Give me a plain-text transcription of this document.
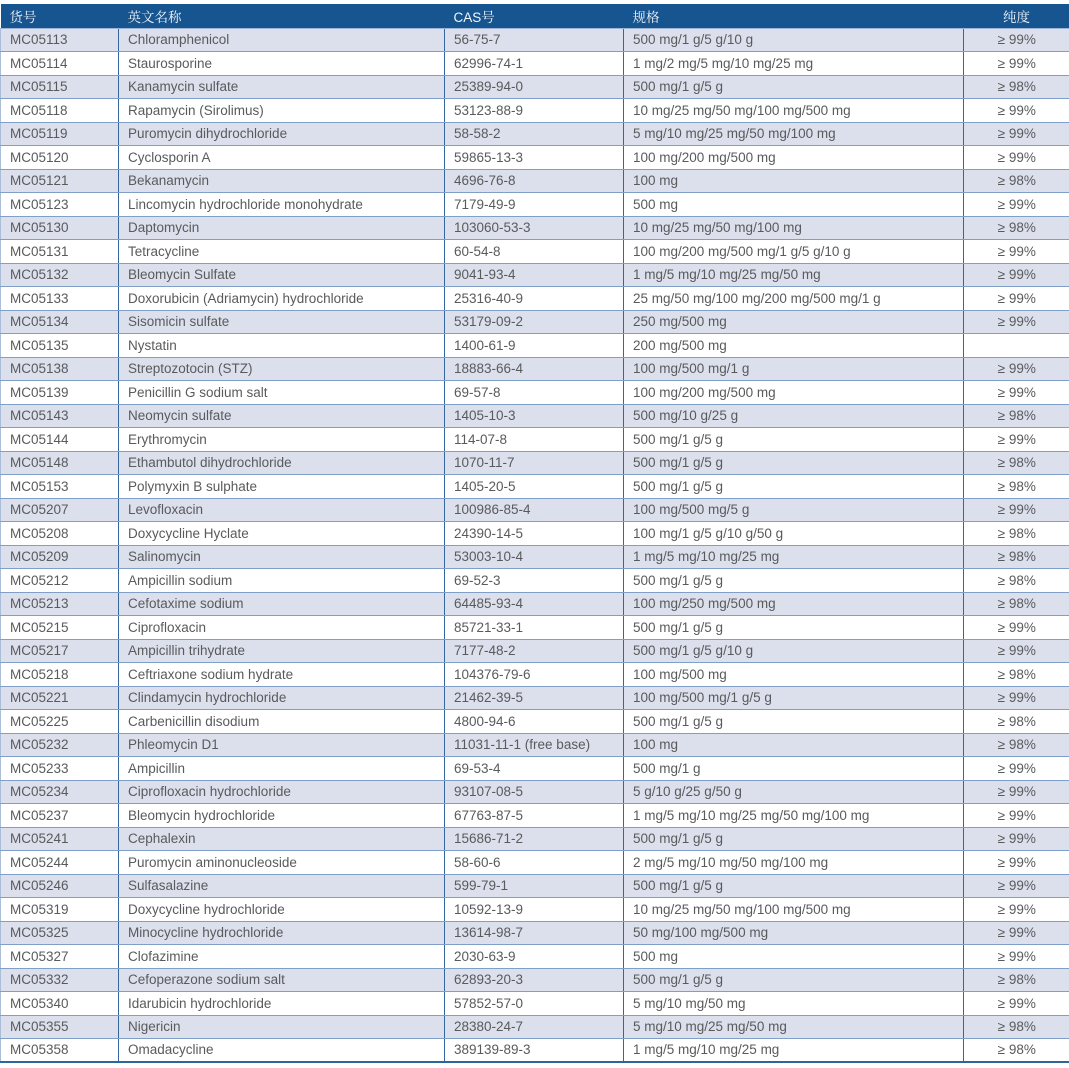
货号	英文名称	CAS号	规格	纯度
MC05113	Chloramphenicol	56-75-7	500 mg/1 g/5 g/10 g	≥ 99%
MC05114	Staurosporine	62996-74-1	1 mg/2 mg/5 mg/10 mg/25 mg	≥ 99%
MC05115	Kanamycin sulfate	25389-94-0	500 mg/1 g/5 g	≥ 98%
MC05118	Rapamycin (Sirolimus)	53123-88-9	10 mg/25 mg/50 mg/100 mg/500 mg	≥ 99%
MC05119	Puromycin dihydrochloride	58-58-2	5 mg/10 mg/25 mg/50 mg/100 mg	≥ 99%
MC05120	Cyclosporin A	59865-13-3	100 mg/200 mg/500 mg	≥ 99%
MC05121	Bekanamycin	4696-76-8	100 mg	≥ 98%
MC05123	Lincomycin hydrochloride monohydrate	7179-49-9	500 mg	≥ 99%
MC05130	Daptomycin	103060-53-3	10 mg/25 mg/50 mg/100 mg	≥ 98%
MC05131	Tetracycline	60-54-8	100 mg/200 mg/500 mg/1 g/5 g/10 g	≥ 99%
MC05132	Bleomycin Sulfate	9041-93-4	1 mg/5 mg/10 mg/25 mg/50 mg	≥ 99%
MC05133	Doxorubicin (Adriamycin) hydrochloride	25316-40-9	25 mg/50 mg/100 mg/200 mg/500 mg/1 g	≥ 99%
MC05134	Sisomicin sulfate	53179-09-2	250 mg/500 mg	≥ 99%
MC05135	Nystatin	1400-61-9	200 mg/500 mg	
MC05138	Streptozotocin (STZ)	18883-66-4	100 mg/500 mg/1 g	≥ 99%
MC05139	Penicillin G sodium salt	69-57-8	100 mg/200 mg/500 mg	≥ 99%
MC05143	Neomycin sulfate	1405-10-3	500 mg/10 g/25 g	≥ 98%
MC05144	Erythromycin	114-07-8	500 mg/1 g/5 g	≥ 99%
MC05148	Ethambutol dihydrochloride	1070-11-7	500 mg/1 g/5 g	≥ 98%
MC05153	Polymyxin B sulphate	1405-20-5	500 mg/1 g/5 g	≥ 98%
MC05207	Levofloxacin	100986-85-4	100 mg/500 mg/5 g	≥ 99%
MC05208	Doxycycline Hyclate	24390-14-5	100 mg/1 g/5 g/10 g/50 g	≥ 98%
MC05209	Salinomycin	53003-10-4	1 mg/5 mg/10 mg/25 mg	≥ 98%
MC05212	Ampicillin sodium	69-52-3	500 mg/1 g/5 g	≥ 98%
MC05213	Cefotaxime sodium	64485-93-4	100 mg/250 mg/500 mg	≥ 98%
MC05215	Ciprofloxacin	85721-33-1	500 mg/1 g/5 g	≥ 99%
MC05217	Ampicillin trihydrate	7177-48-2	500 mg/1 g/5 g/10 g	≥ 99%
MC05218	Ceftriaxone sodium hydrate	104376-79-6	100 mg/500 mg	≥ 98%
MC05221	Clindamycin hydrochloride	21462-39-5	100 mg/500 mg/1 g/5 g	≥ 99%
MC05225	Carbenicillin disodium	4800-94-6	500 mg/1 g/5 g	≥ 98%
MC05232	Phleomycin D1	11031-11-1 (free base)	100 mg	≥ 98%
MC05233	Ampicillin	69-53-4	500 mg/1 g	≥ 99%
MC05234	Ciprofloxacin hydrochloride	93107-08-5	5 g/10 g/25 g/50 g	≥ 99%
MC05237	Bleomycin hydrochloride	67763-87-5	1 mg/5 mg/10 mg/25 mg/50 mg/100 mg	≥ 99%
MC05241	Cephalexin	15686-71-2	500 mg/1 g/5 g	≥ 99%
MC05244	Puromycin aminonucleoside	58-60-6	2 mg/5 mg/10 mg/50 mg/100 mg	≥ 99%
MC05246	Sulfasalazine	599-79-1	500 mg/1 g/5 g	≥ 99%
MC05319	Doxycycline hydrochloride	10592-13-9	10 mg/25 mg/50 mg/100 mg/500 mg	≥ 99%
MC05325	Minocycline hydrochloride	13614-98-7	50 mg/100 mg/500 mg	≥ 99%
MC05327	Clofazimine	2030-63-9	500 mg	≥ 99%
MC05332	Cefoperazone sodium salt	62893-20-3	500 mg/1 g/5 g	≥ 98%
MC05340	Idarubicin hydrochloride	57852-57-0	5 mg/10 mg/50 mg	≥ 99%
MC05355	Nigericin	28380-24-7	5 mg/10 mg/25 mg/50 mg	≥ 98%
MC05358	Omadacycline	389139-89-3	1 mg/5 mg/10 mg/25 mg	≥ 98%
